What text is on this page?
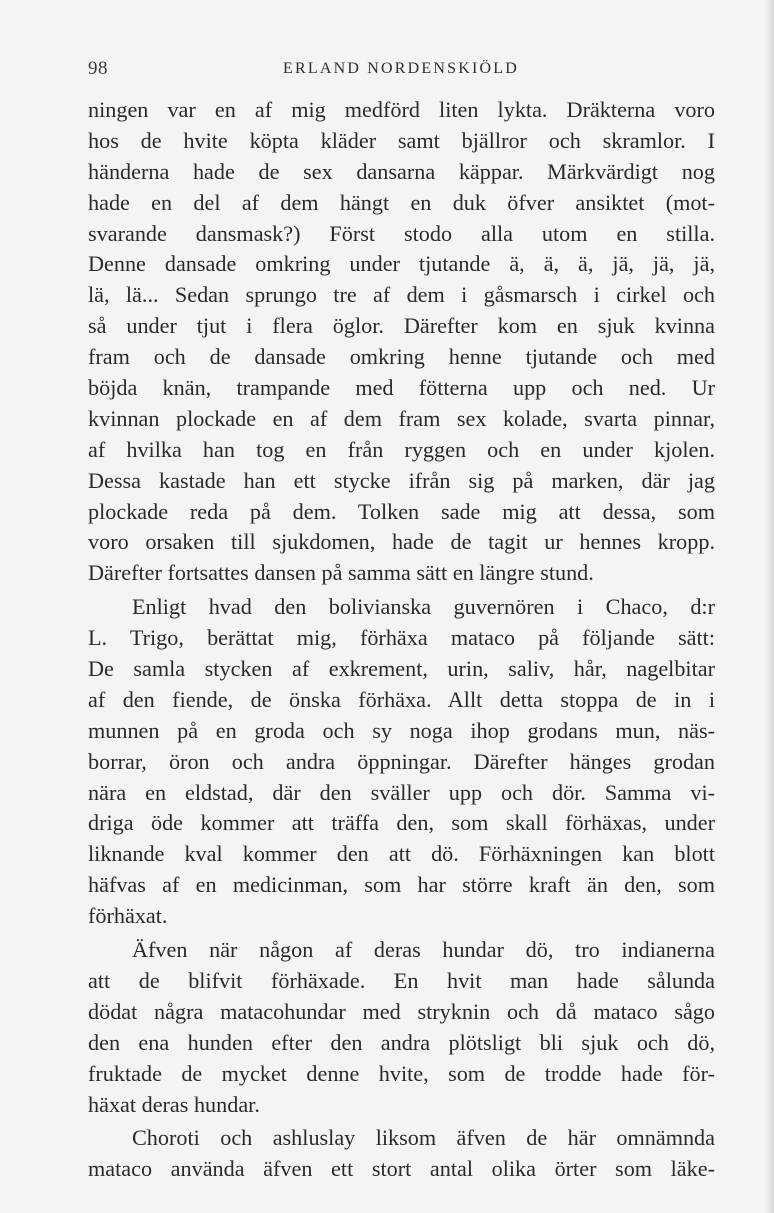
98	ERLAND NORDENSKIÖLD
ningen var en af mig medförd liten lykta. Dräkterna voro
hos de hvite köpta kläder samt bjällror och skramlor. I
händerna hade de sex dansarna käppar. Märkvärdigt nog
hade en del af dem hängt en duk öfver ansiktet (mot-
svarande dansmask?) Först stodo alla utom en stilla.
Denne dansade omkring under tjutande ä, ä, ä, jä, jä, jä,
lä, lä... Sedan sprungo tre af dem i gåsmarsch i cirkel och
så under tjut i flera öglor. Därefter kom en sjuk kvinna
fram och de dansade omkring henne tjutande och med
böjda knän, trampande med fötterna upp och ned. Ur
kvinnan plockade en af dem fram sex kolade, svarta pinnar,
af hvilka han tog en från ryggen och en under kjolen.
Dessa kastade han ett stycke ifrån sig på marken, där jag
plockade reda på dem. Tolken sade mig att dessa, som
voro orsaken till sjukdomen, hade de tagit ur hennes kropp.
Därefter fortsattes dansen på samma sätt en längre stund.
Enligt hvad den bolivianska guvernören i Chaco, d:r
L. Trigo, berättat mig, förhäxa mataco på följande sätt:
De samla stycken af exkrement, urin, saliv, hår, nagelbitar
af den fiende, de önska förhäxa. Allt detta stoppa de in i
munnen på en groda och sy noga ihop grodans mun, näs-
borrar, öron och andra öppningar. Därefter hänges grodan
nära en eldstad, där den sväller upp och dör. Samma vi-
driga öde kommer att träffa den, som skall förhäxas, under
liknande kval kommer den att dö. Förhäxningen kan blott
häfvas af en medicinman, som har större kraft än den, som
förhäxat.
Äfven när någon af deras hundar dö, tro indianerna
att de blifvit förhäxade. En hvit man hade sålunda
dödat några matacohundar med stryknin och då mataco sågo
den ena hunden efter den andra plötsligt bli sjuk och dö,
fruktade de mycket denne hvite, som de trodde hade för-
häxat deras hundar.
Choroti och ashluslay liksom äfven de här omnämnda
mataco använda äfven ett stort antal olika örter som läke-
